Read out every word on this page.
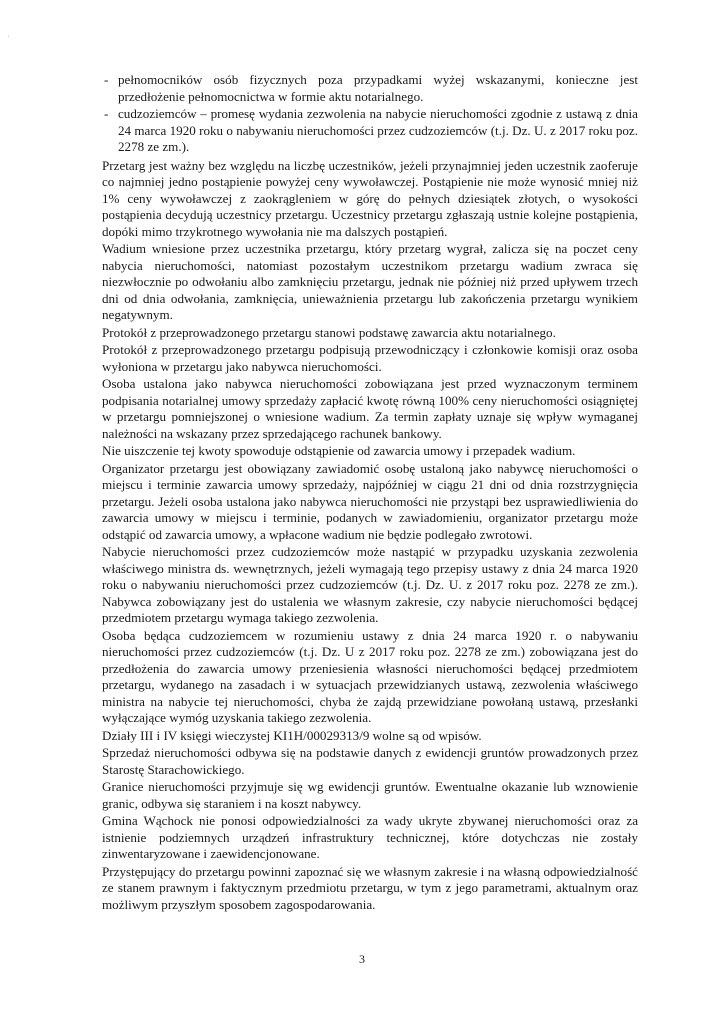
'

- pełnomocników osób fizycznych poza przypadkami wyżej wskazanymi, konieczne jest przedłożenie pełnomocnictwa w formie aktu notarialnego.

- cudzoziemców – promesę wydania zezwolenia na nabycie nieruchomości zgodnie z ustawą z dnia 24 marca 1920 roku o nabywaniu nieruchomości przez cudzoziemców (t.j. Dz. U. z 2017 roku poz. 2278 ze zm.).

Przetarg jest ważny bez względu na liczbę uczestników, jeżeli przynajmniej jeden uczestnik zaoferuje co najmniej jedno postąpienie powyżej ceny wywoławczej. Postąpienie nie może wynosić mniej niż 1% ceny wywoławczej z zaokrągleniem w górę do pełnych dziesiątek złotych, o wysokości postąpienia decydują uczestnicy przetargu. Uczestnicy przetargu zgłaszają ustnie kolejne postąpienia, dopóki mimo trzykrotnego wywołania nie ma dalszych postąpień.

Wadium wniesione przez uczestnika przetargu, który przetarg wygrał, zalicza się na poczet ceny nabycia nieruchomości, natomiast pozostałym uczestnikom przetargu wadium zwraca się niezwłocznie po odwołaniu albo zamknięciu przetargu, jednak nie później niż przed upływem trzech dni od dnia odwołania, zamknięcia, unieważnienia przetargu lub zakończenia przetargu wynikiem negatywnym.

Protokół z przeprowadzonego przetargu stanowi podstawę zawarcia aktu notarialnego.

Protokół z przeprowadzonego przetargu podpisują przewodniczący i członkowie komisji oraz osoba wyłoniona w przetargu jako nabywca nieruchomości.

Osoba ustalona jako nabywca nieruchomości zobowiązana jest przed wyznaczonym terminem podpisania notarialnej umowy sprzedaży zapłacić kwotę równą 100% ceny nieruchomości osiągniętej w przetargu pomniejszonej o wniesione wadium. Za termin zapłaty uznaje się wpływ wymaganej należności na wskazany przez sprzedającego rachunek bankowy.

Nie uiszczenie tej kwoty spowoduje odstąpienie od zawarcia umowy i przepadek wadium.

Organizator przetargu jest obowiązany zawiadomić osobę ustaloną jako nabywcę nieruchomości o miejscu i terminie zawarcia umowy sprzedaży, najpóźniej w ciągu 21 dni od dnia rozstrzygnięcia przetargu. Jeżeli osoba ustalona jako nabywca nieruchomości nie przystąpi bez usprawiedliwienia do zawarcia umowy w miejscu i terminie, podanych w zawiadomieniu, organizator przetargu może odstąpić od zawarcia umowy, a wpłacone wadium nie będzie podlegało zwrotowi.

Nabycie nieruchomości przez cudzoziemców może nastąpić w przypadku uzyskania zezwolenia właściwego ministra ds. wewnętrznych, jeżeli wymagają tego przepisy ustawy z dnia 24 marca 1920 roku o nabywaniu nieruchomości przez cudzoziemców (t.j. Dz. U. z 2017 roku poz. 2278 ze zm.). Nabywca zobowiązany jest do ustalenia we własnym zakresie, czy nabycie nieruchomości będącej przedmiotem przetargu wymaga takiego zezwolenia.

Osoba będąca cudzoziemcem w rozumieniu ustawy z dnia 24 marca 1920 r. o nabywaniu nieruchomości przez cudzoziemców (t.j. Dz. U z 2017 roku poz. 2278 ze zm.) zobowiązana jest do przedłożenia do zawarcia umowy przeniesienia własności nieruchomości będącej przedmiotem przetargu, wydanego na zasadach i w sytuacjach przewidzianych ustawą, zezwolenia właściwego ministra na nabycie tej nieruchomości, chyba że zajdą przewidziane powołaną ustawą, przesłanki wyłączające wymóg uzyskania takiego zezwolenia.

Działy III i IV księgi wieczystej KI1H/00029313/9 wolne są od wpisów.

Sprzedaż nieruchomości odbywa się na podstawie danych z ewidencji gruntów prowadzonych przez Starostę Starachowickiego.

Granice nieruchomości przyjmuje się wg ewidencji gruntów. Ewentualne okazanie lub wznowienie granic, odbywa się staraniem i na koszt nabywcy.

Gmina Wąchock nie ponosi odpowiedzialności za wady ukryte zbywanej nieruchomości oraz za istnienie podziemnych urządzeń infrastruktury technicznej, które dotychczas nie zostały zinwentaryzowane i zaewidencjonowane.

Przystępujący do przetargu powinni zapoznać się we własnym zakresie i na własną odpowiedzialność ze stanem prawnym i faktycznym przedmiotu przetargu, w tym z jego parametrami, aktualnym oraz możliwym przyszłym sposobem zagospodarowania.

3
